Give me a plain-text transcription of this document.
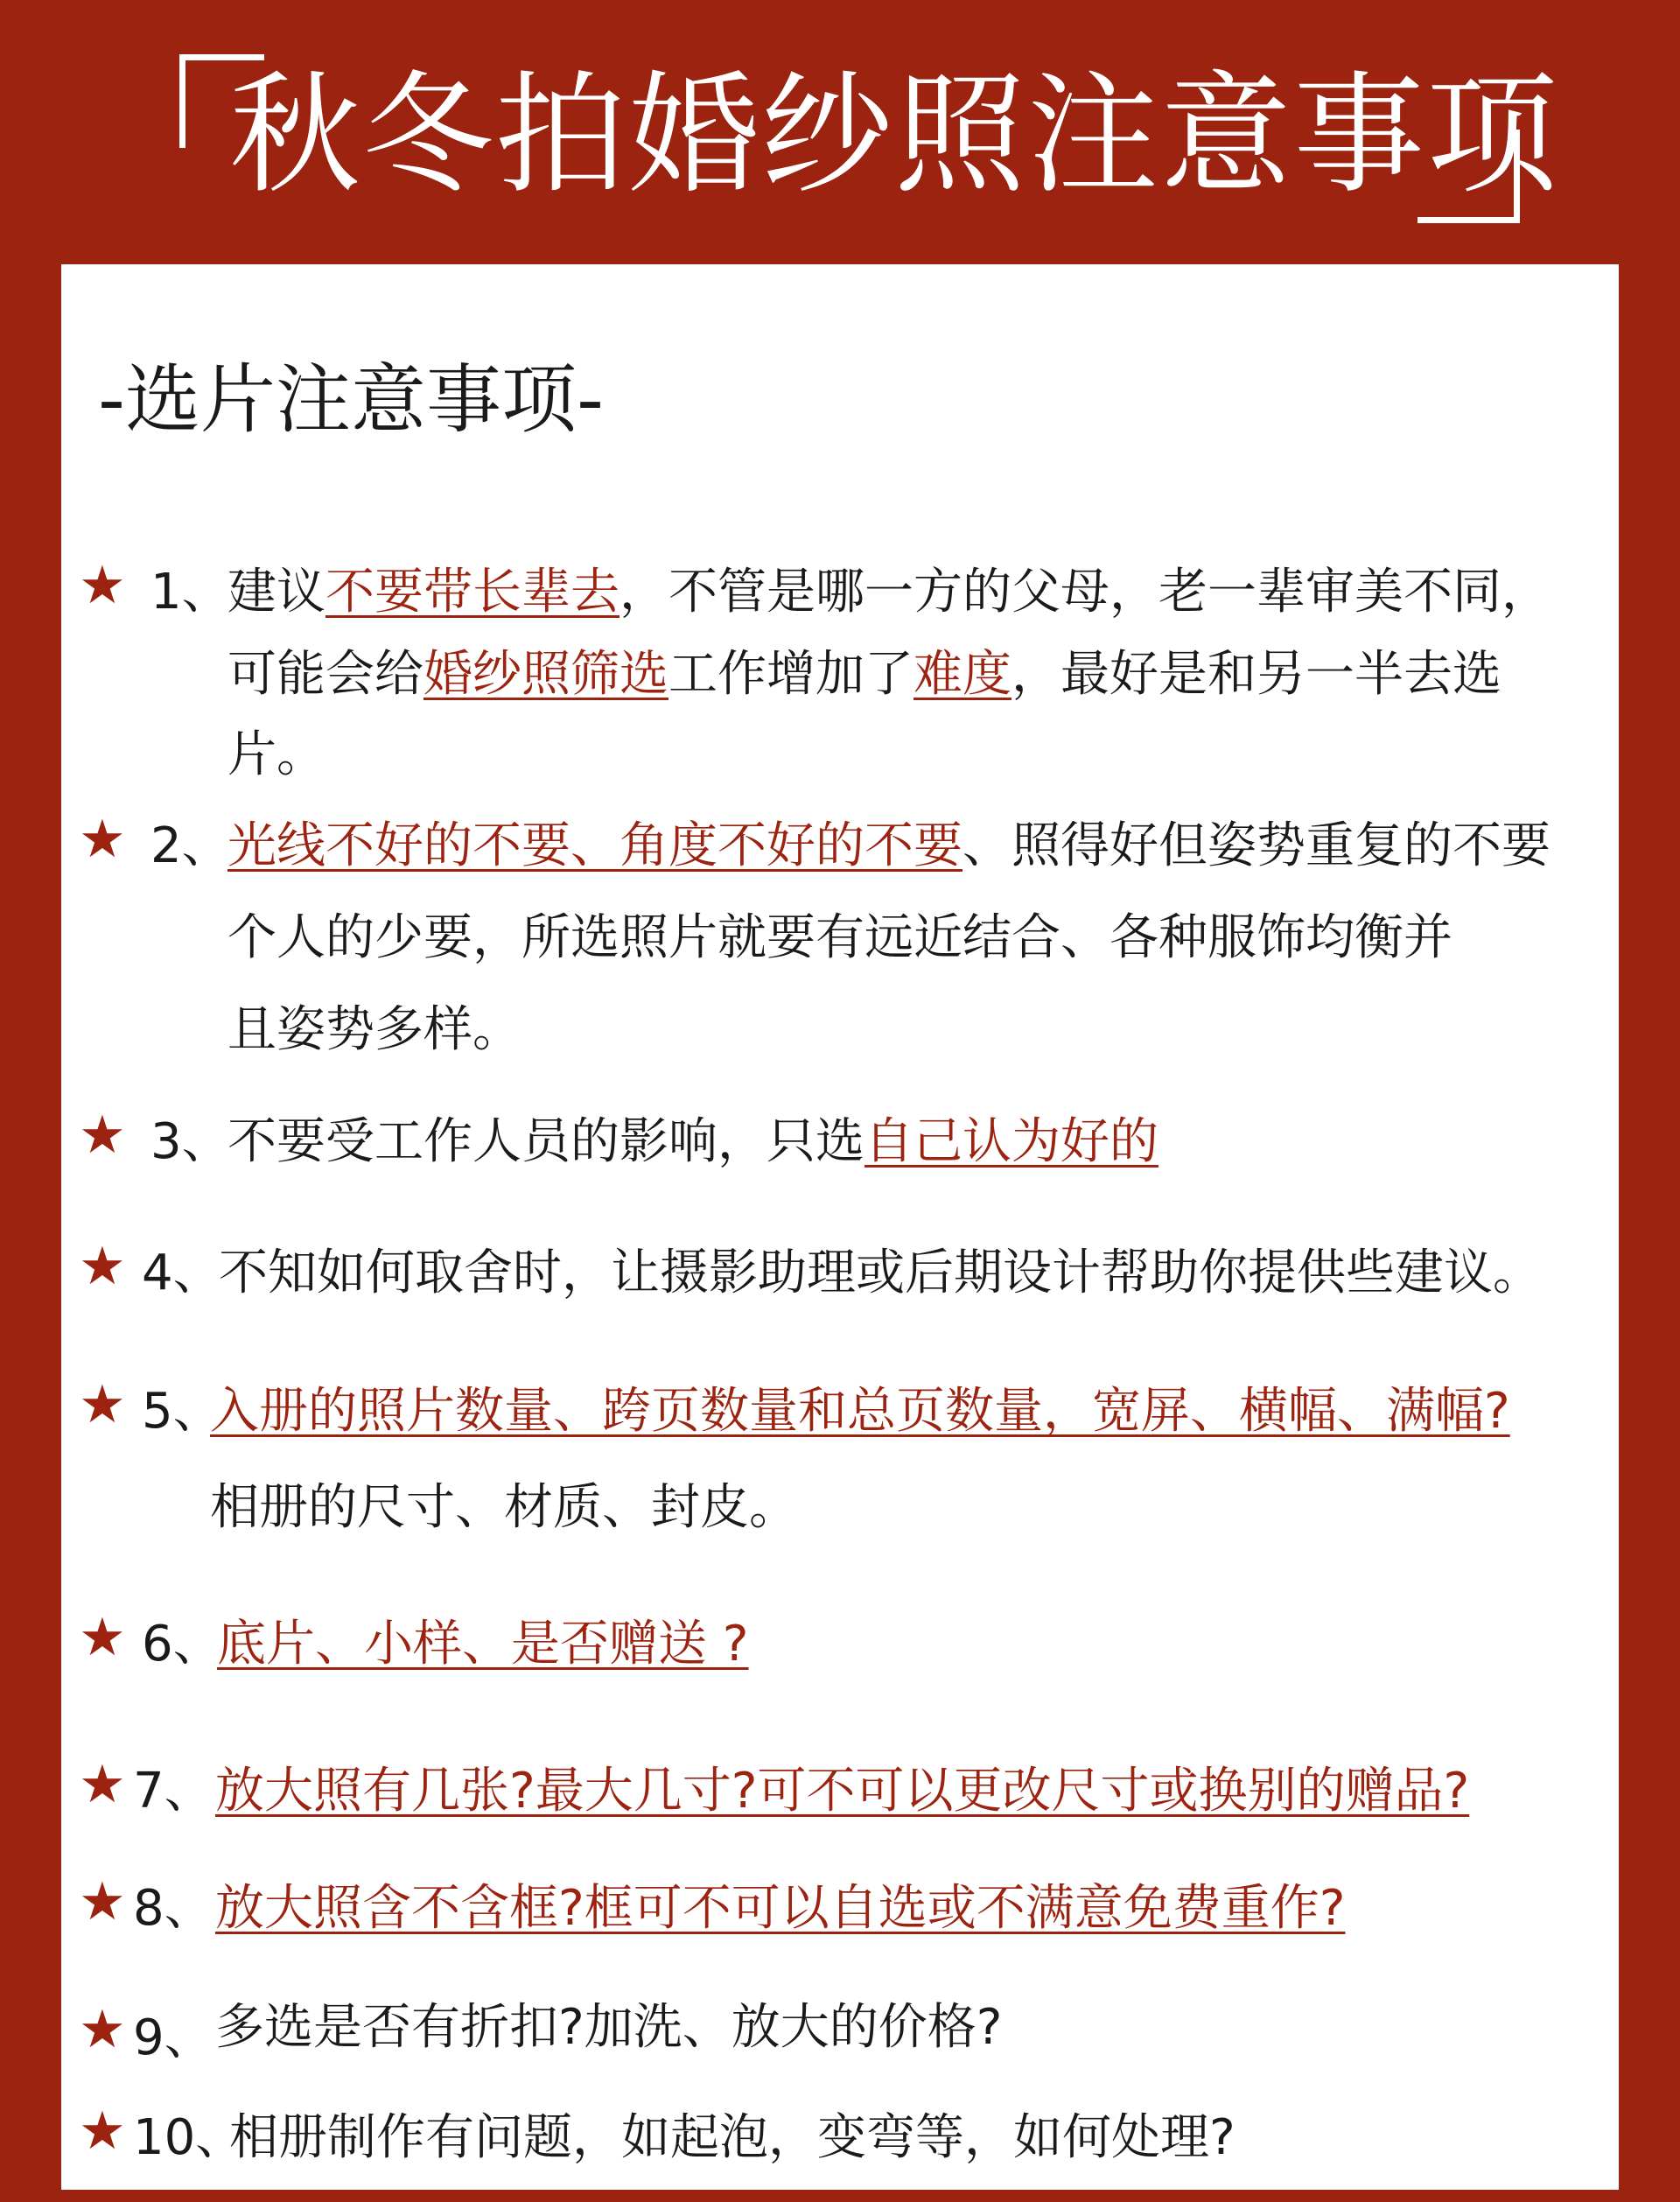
秋冬拍婚纱照注意事项
-选片注意事项-
★ 1、
建议不要带长辈去，不管是哪一方的父母，老一辈审美不同，
可能会给婚纱照筛选工作增加了难度，最好是和另一半去选
片。
★ 2、
光线不好的不要、角度不好的不要、照得好但姿势重复的不要
个人的少要，所选照片就要有远近结合、各种服饰均衡并
且姿势多样。
★ 3、
不要受工作人员的影响，只选自己认为好的
★ 4、
不知如何取舍时，让摄影助理或后期设计帮助你提供些建议。
★ 5、
入册的照片数量、跨页数量和总页数量，宽屏、横幅、满幅?
相册的尺寸、材质、封皮。
★ 6、
底片、小样、是否赠送 ?
★ 7、 放大照有几张?最大几寸?可不可以更改尺寸或换别的赠品?
★ 8、 放大照含不含框?框可不可以自选或不满意免费重作?
★ 9、 多选是否有折扣?加洗、放大的价格?
★ 10、
相册制作有问题，如起泡，变弯等，如何处理?
